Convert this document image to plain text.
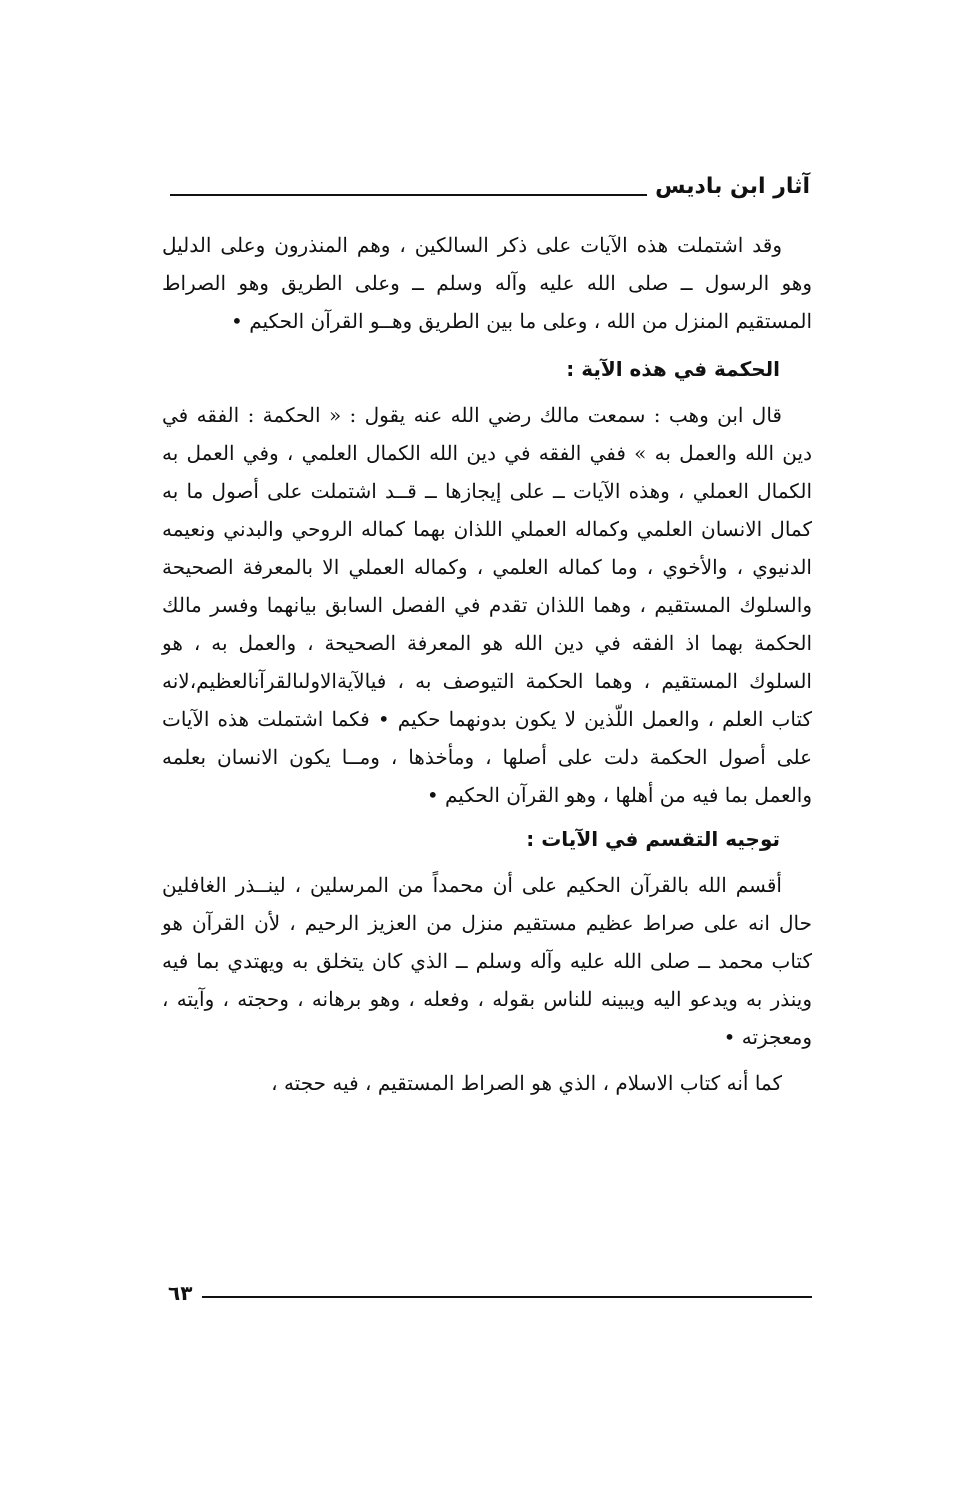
آثار ابن باديس

وقد اشتملت هذه الآيات على ذكر السالكين ، وهم المنذرون وعلى الدليل وهو الرسول ــ صلى الله عليه وآله وسلم ــ وعلى الطريق وهو الصراط المستقيم المنزل من الله ، وعلى ما بين الطريق وهــو القرآن الحكيم •

الحكمة في هذه الآية :

قال ابن وهب : سمعت مالك رضي الله عنه يقول : « الحكمة : الفقه في دين الله والعمل به » ففي الفقه في دين الله الكمال العلمي ، وفي العمل به الكمال العملي ، وهذه الآيات ــ على إيجازها ــ قــد اشتملت على أصول ما به كمال الانسان العلمي وكماله العملي اللذان بهما كماله الروحي والبدني ونعيمه الدنيوي ، والأخوي ، وما كماله العلمي ، وكماله العملي الا بالمعرفة الصحيحة والسلوك المستقيم ، وهما اللذان تقدم في الفصل السابق بيانهما وفسر مالك الحكمة بهما اذ الفقه في دين الله هو المعرفة الصحيحة ، والعمل به ، هو السلوك المستقيم ، وهما الحكمة التيوصف به ، فيالآيةالاولىالقرآنالعظيم،لانه كتاب العلم ، والعمل اللّذين لا يكون بدونهما حكيم • فكما اشتملت هذه الآيات على أصول الحكمة دلت على أصلها ، ومأخذها ، ومــا يكون الانسان بعلمه والعمل بما فيه من أهلها ، وهو القرآن الحكيم •

توجيه التقسم في الآيات :

أقسم الله بالقرآن الحكيم على أن محمداً من المرسلين ، لينــذر الغافلين حال انه على صراط عظيم مستقيم منزل من العزيز الرحيم ، لأن القرآن هو كتاب محمد ــ صلى الله عليه وآله وسلم ــ الذي كان يتخلق به ويهتدي بما فيه وينذر به ويدعو اليه ويبينه للناس بقوله ، وفعله ، وهو برهانه ، وحجته ، وآيته ، ومعجزته •

كما أنه كتاب الاسلام ، الذي هو الصراط المستقيم ، فيه حجته ،

٦٣
